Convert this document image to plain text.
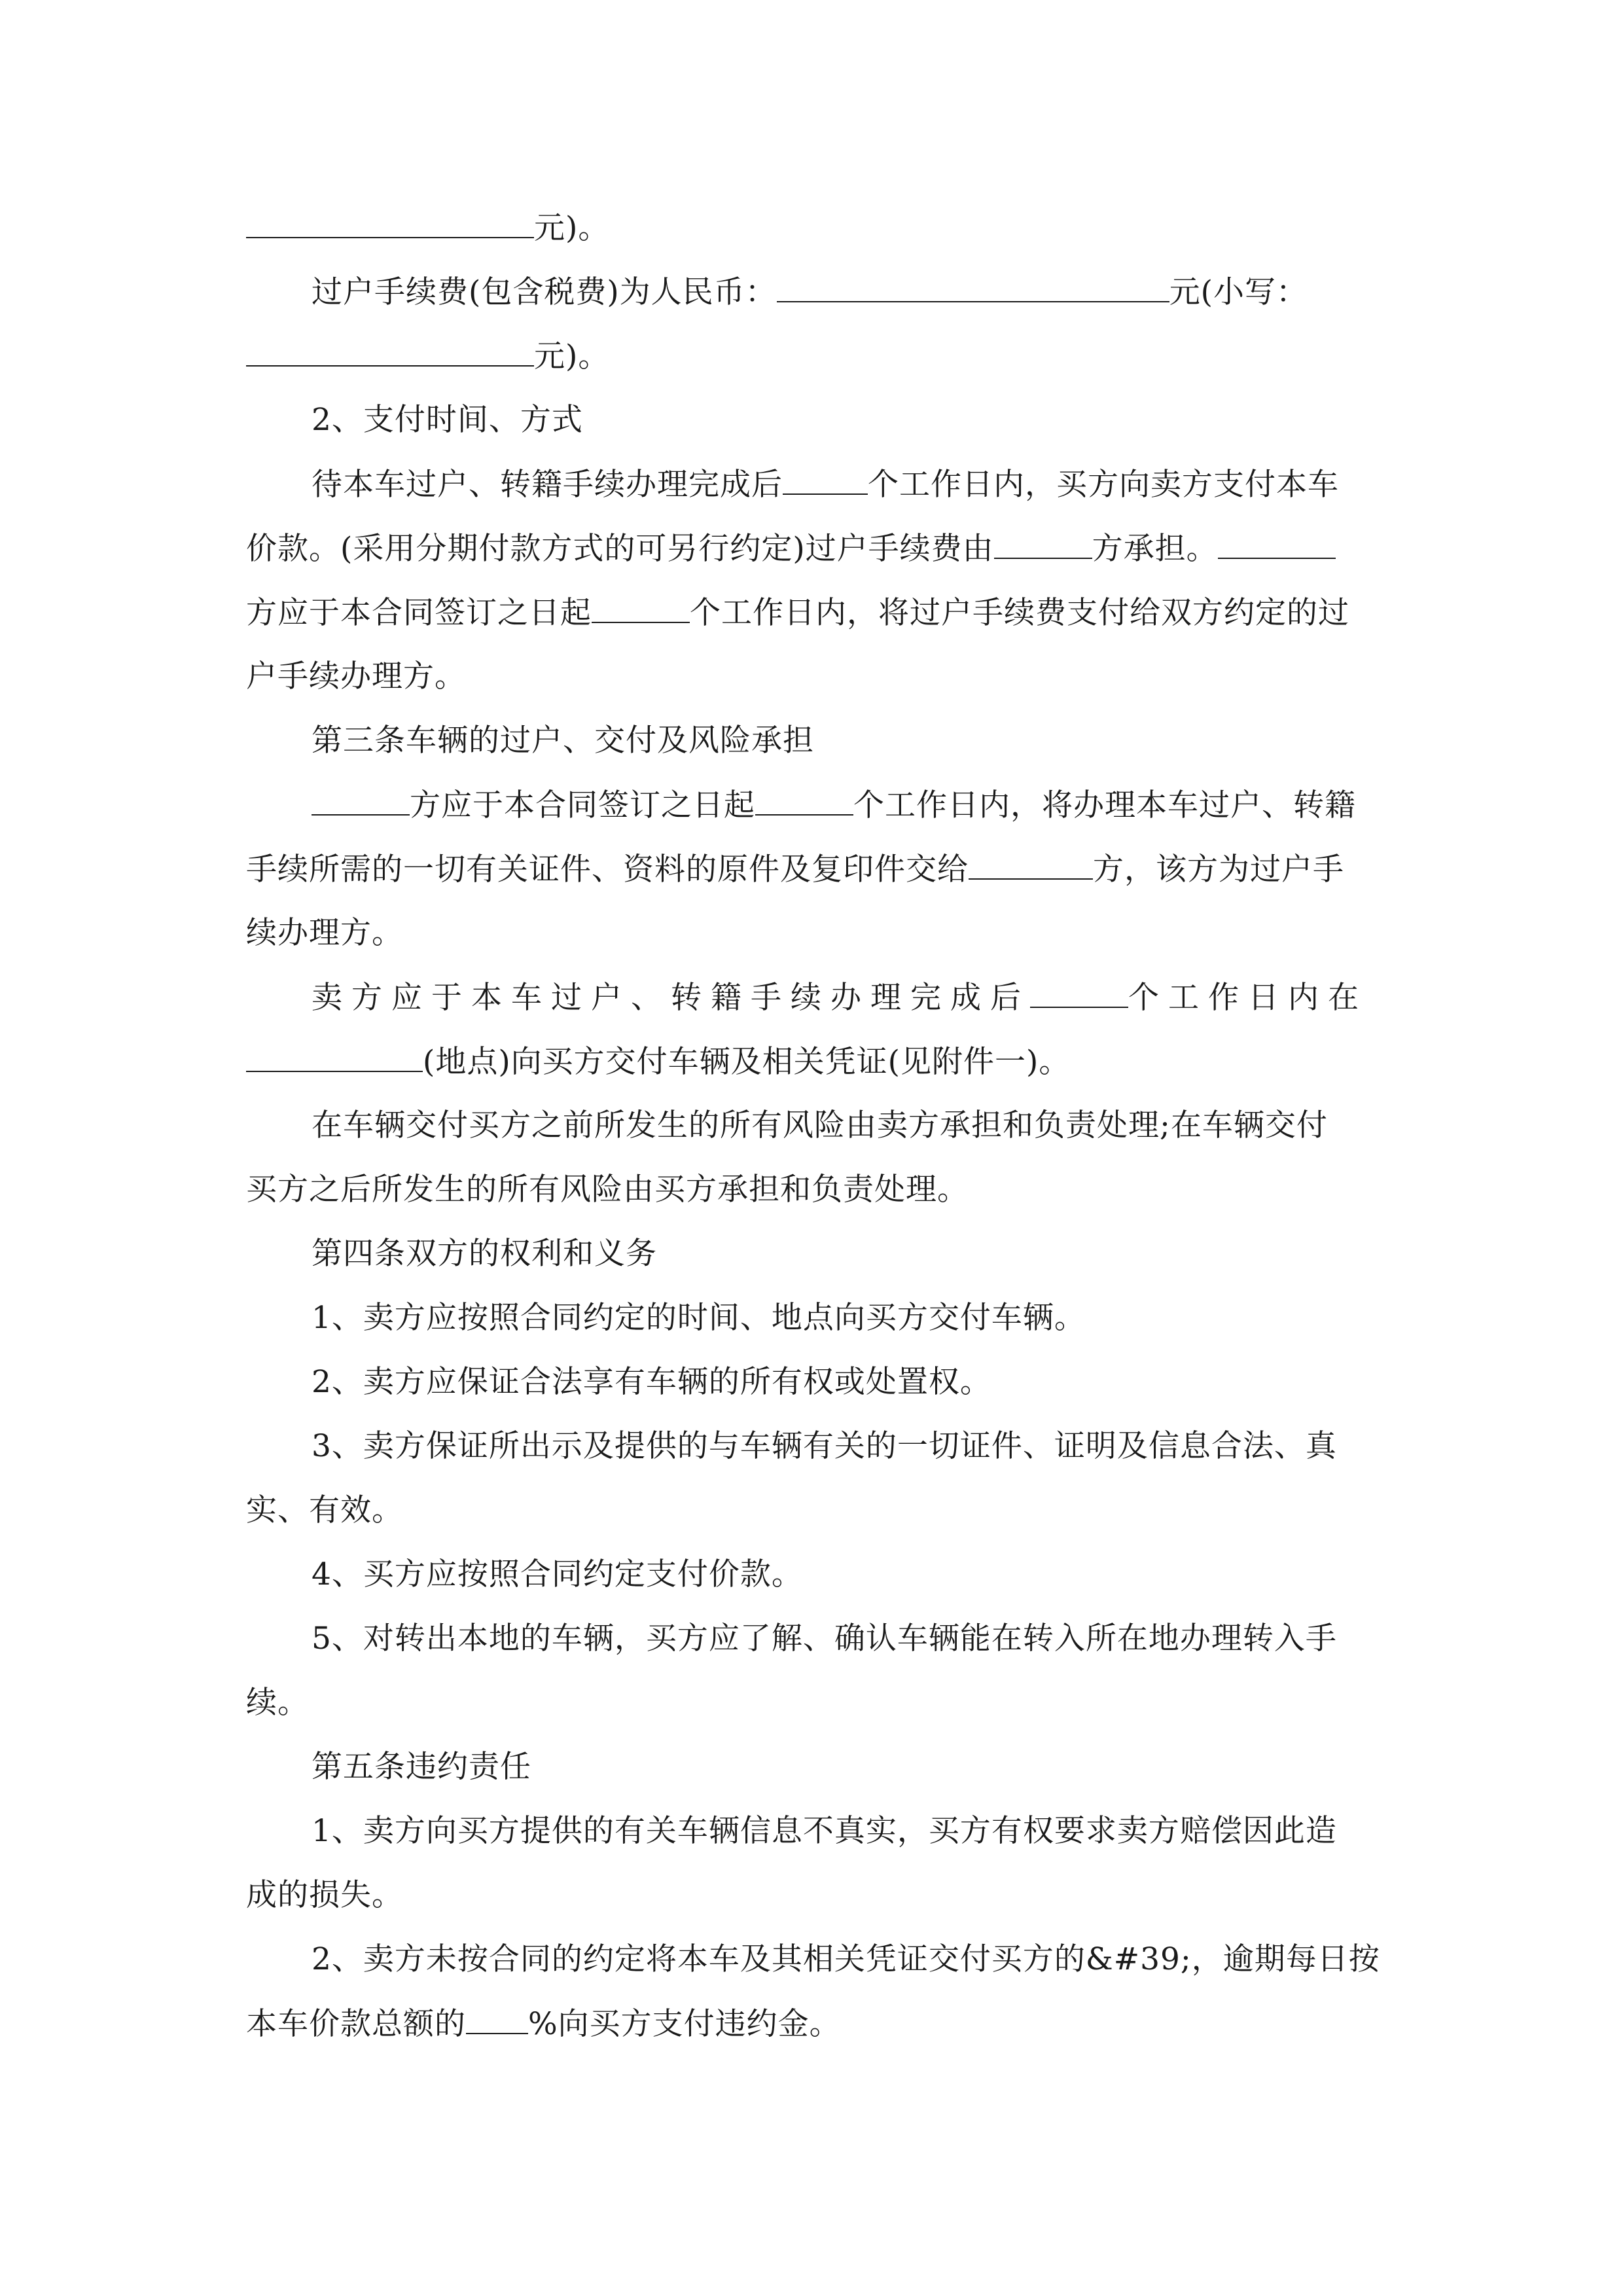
元)。
过户手续费(包含税费)为人民币：	元(小写：
元)。
2、支付时间、方式
待本车过户、转籍手续办理完成后	个工作日内，买方向卖方支付本车
价款。(采用分期付款方式的可另行约定)过户手续费由	方承担。
方应于本合同签订之日起	个工作日内，将过户手续费支付给双方约定的过
户手续办理方。
第三条车辆的过户、交付及风险承担
方应于本合同签订之日起	个工作日内，将办理本车过户、转籍
手续所需的一切有关证件、资料的原件及复印件交给	方，该方为过户手
续办理方。
卖方应于本车过户、转籍手续办理完成后	个工作日内在
(地点)向买方交付车辆及相关凭证(见附件一)。
在车辆交付买方之前所发生的所有风险由卖方承担和负责处理;在车辆交付
买方之后所发生的所有风险由买方承担和负责处理。
第四条双方的权利和义务
1、卖方应按照合同约定的时间、地点向买方交付车辆。
2、卖方应保证合法享有车辆的所有权或处置权。
3、卖方保证所出示及提供的与车辆有关的一切证件、证明及信息合法、真
实、有效。
4、买方应按照合同约定支付价款。
5、对转出本地的车辆，买方应了解、确认车辆能在转入所在地办理转入手
续。
第五条违约责任
1、卖方向买方提供的有关车辆信息不真实，买方有权要求卖方赔偿因此造
成的损失。
2、卖方未按合同的约定将本车及其相关凭证交付买方的&#39;，逾期每日按
本车价款总额的 %向买方支付违约金。
